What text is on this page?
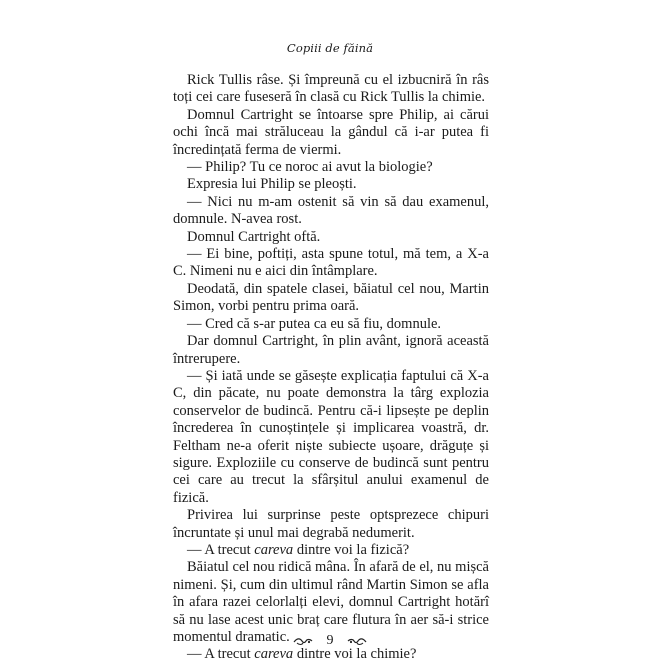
Copiii de făină

Rick Tullis râse. Și împreună cu el izbucniră în râs toți cei care fuseseră în clasă cu Rick Tullis la chimie.

Domnul Cartright se întoarse spre Philip, ai cărui ochi încă mai străluceau la gândul că i-ar putea fi încredințată ferma de viermi.

— Philip? Tu ce noroc ai avut la biologie?

Expresia lui Philip se pleoști.

— Nici nu m-am ostenit să vin să dau examenul, domnule. N-avea rost.

Domnul Cartright oftă.

— Ei bine, poftiți, asta spune totul, mă tem, a X-a C. Nimeni nu e aici din întâmplare.

Deodată, din spatele clasei, băiatul cel nou, Martin Simon, vorbi pentru prima oară.

— Cred că s-ar putea ca eu să fiu, domnule.

Dar domnul Cartright, în plin avânt, ignoră această întrerupere.

— Și iată unde se găsește explicația faptului că X-a C, din păcate, nu poate demonstra la târg explozia conservelor de budincă. Pentru că-i lipsește pe deplin încrederea în cunoștințele și implicarea voastră, dr. Feltham ne-a oferit niște subiecte ușoare, drăguțe și sigure. Exploziile cu conserve de budincă sunt pentru cei care au trecut la sfârșitul anului examenul de fizică.

Privirea lui surprinse peste optsprezece chipuri încruntate și unul mai degrabă nedumerit.

— A trecut careva dintre voi la fizică?

Băiatul cel nou ridică mâna. În afară de el, nu mișcă nimeni. Și, cum din ultimul rând Martin Simon se afla în afara razei celorlalți elevi, domnul Cartright hotărî să nu lase acest unic braț care flutura în aer să-i strice momentul dramatic.

— A trecut careva dintre voi la chimie?

9
